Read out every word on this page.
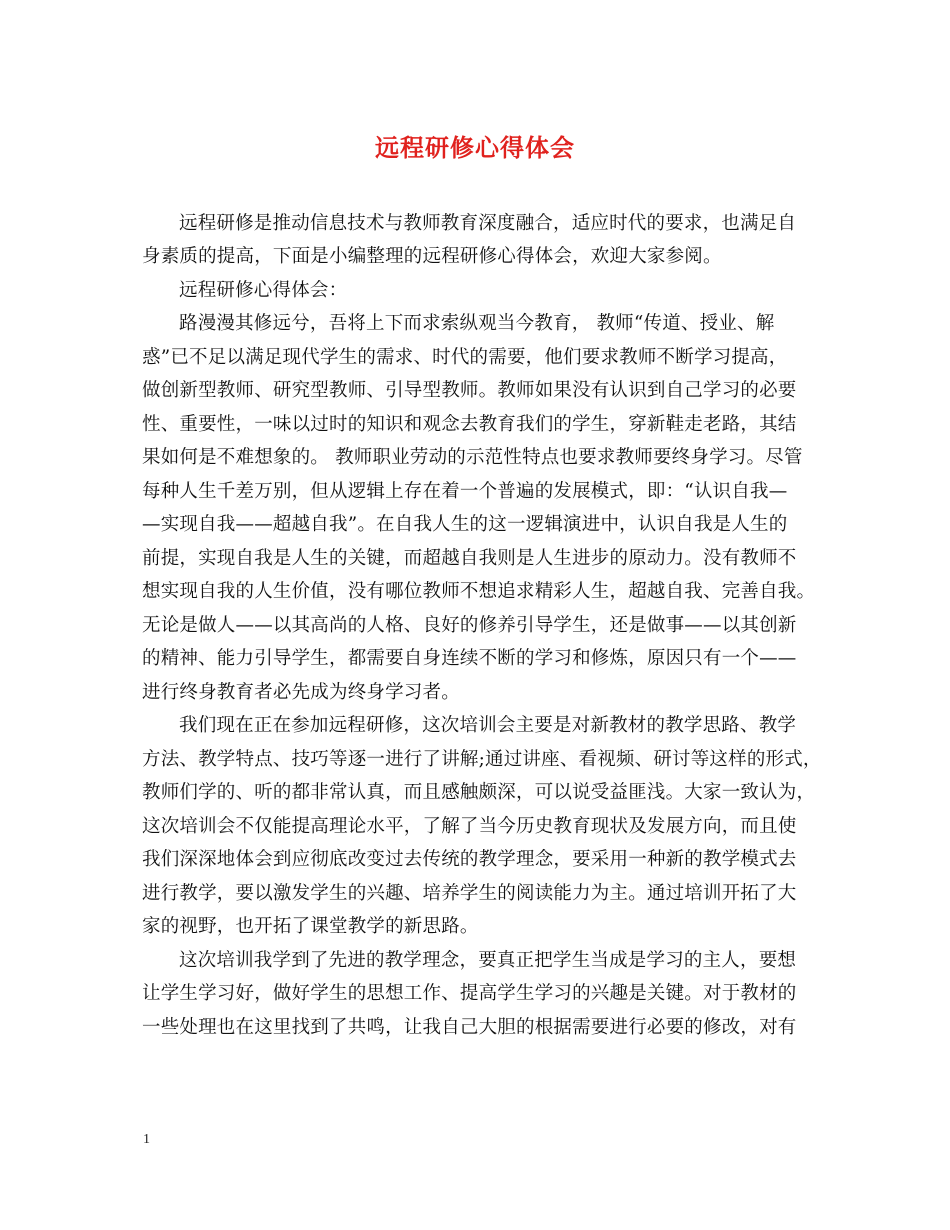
远程研修心得体会
远程研修是推动信息技术与教师教育深度融合，适应时代的要求，也满足自
身素质的提高，下面是小编整理的远程研修心得体会，欢迎大家参阅。
远程研修心得体会：
路漫漫其修远兮，吾将上下而求索纵观当今教育， 教师“传道、授业、解
惑”已不足以满足现代学生的需求、时代的需要，他们要求教师不断学习提高，
做创新型教师、研究型教师、引导型教师。教师如果没有认识到自己学习的必要
性、重要性，一味以过时的知识和观念去教育我们的学生，穿新鞋走老路，其结
果如何是不难想象的。 教师职业劳动的示范性特点也要求教师要终身学习。尽管
每种人生千差万别，但从逻辑上存在着一个普遍的发展模式，即：“认识自我—
—实现自我——超越自我”。在自我人生的这一逻辑演进中，认识自我是人生的
前提，实现自我是人生的关键，而超越自我则是人生进步的原动力。没有教师不
想实现自我的人生价值，没有哪位教师不想追求精彩人生，超越自我、完善自我。
无论是做人——以其高尚的人格、良好的修养引导学生，还是做事——以其创新
的精神、能力引导学生，都需要自身连续不断的学习和修炼，原因只有一个——
进行终身教育者必先成为终身学习者。
我们现在正在参加远程研修，这次培训会主要是对新教材的教学思路、教学
方法、教学特点、技巧等逐一进行了讲解;通过讲座、看视频、研讨等这样的形式，
教师们学的、听的都非常认真，而且感触颇深，可以说受益匪浅。大家一致认为，
这次培训会不仅能提高理论水平，了解了当今历史教育现状及发展方向，而且使
我们深深地体会到应彻底改变过去传统的教学理念，要采用一种新的教学模式去
进行教学，要以激发学生的兴趣、培养学生的阅读能力为主。通过培训开拓了大
家的视野，也开拓了课堂教学的新思路。
这次培训我学到了先进的教学理念，要真正把学生当成是学习的主人，要想
让学生学习好，做好学生的思想工作、提高学生学习的兴趣是关键。对于教材的
一些处理也在这里找到了共鸣，让我自己大胆的根据需要进行必要的修改，对有
1
